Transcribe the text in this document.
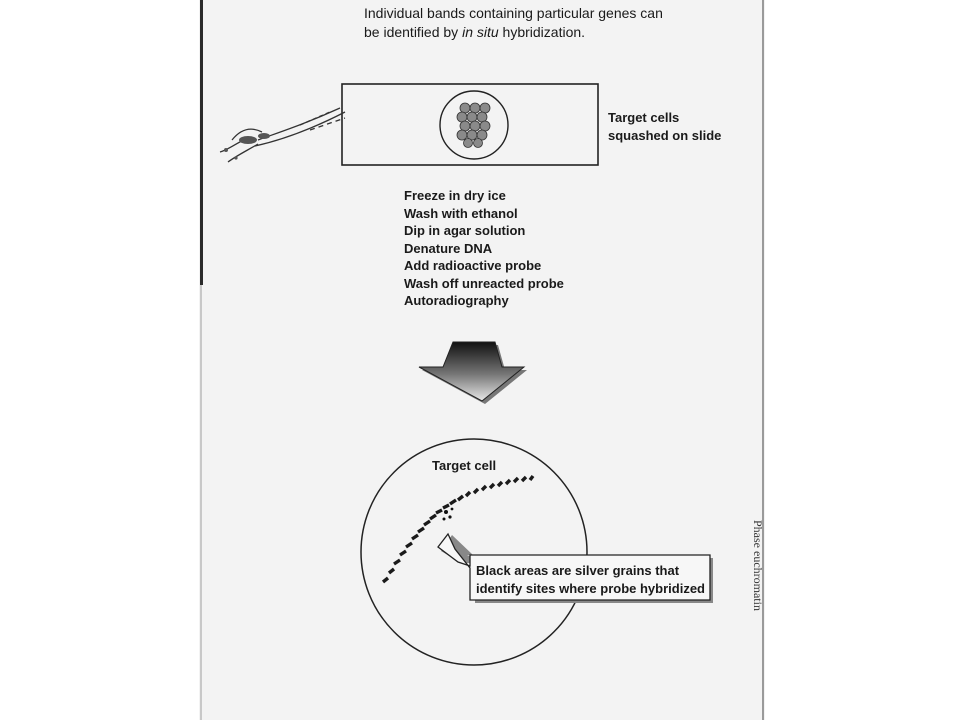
Individual bands containing particular genes can
be identified by in situ hybridization.
Target cells
squashed on slide
Freeze in dry ice
Wash with ethanol
Dip in agar solution
Denature DNA
Add radioactive probe
Wash off unreacted probe
Autoradiography
Target cell
Black areas are silver grains that
identify sites where probe hybridized	Phase euchromatin
